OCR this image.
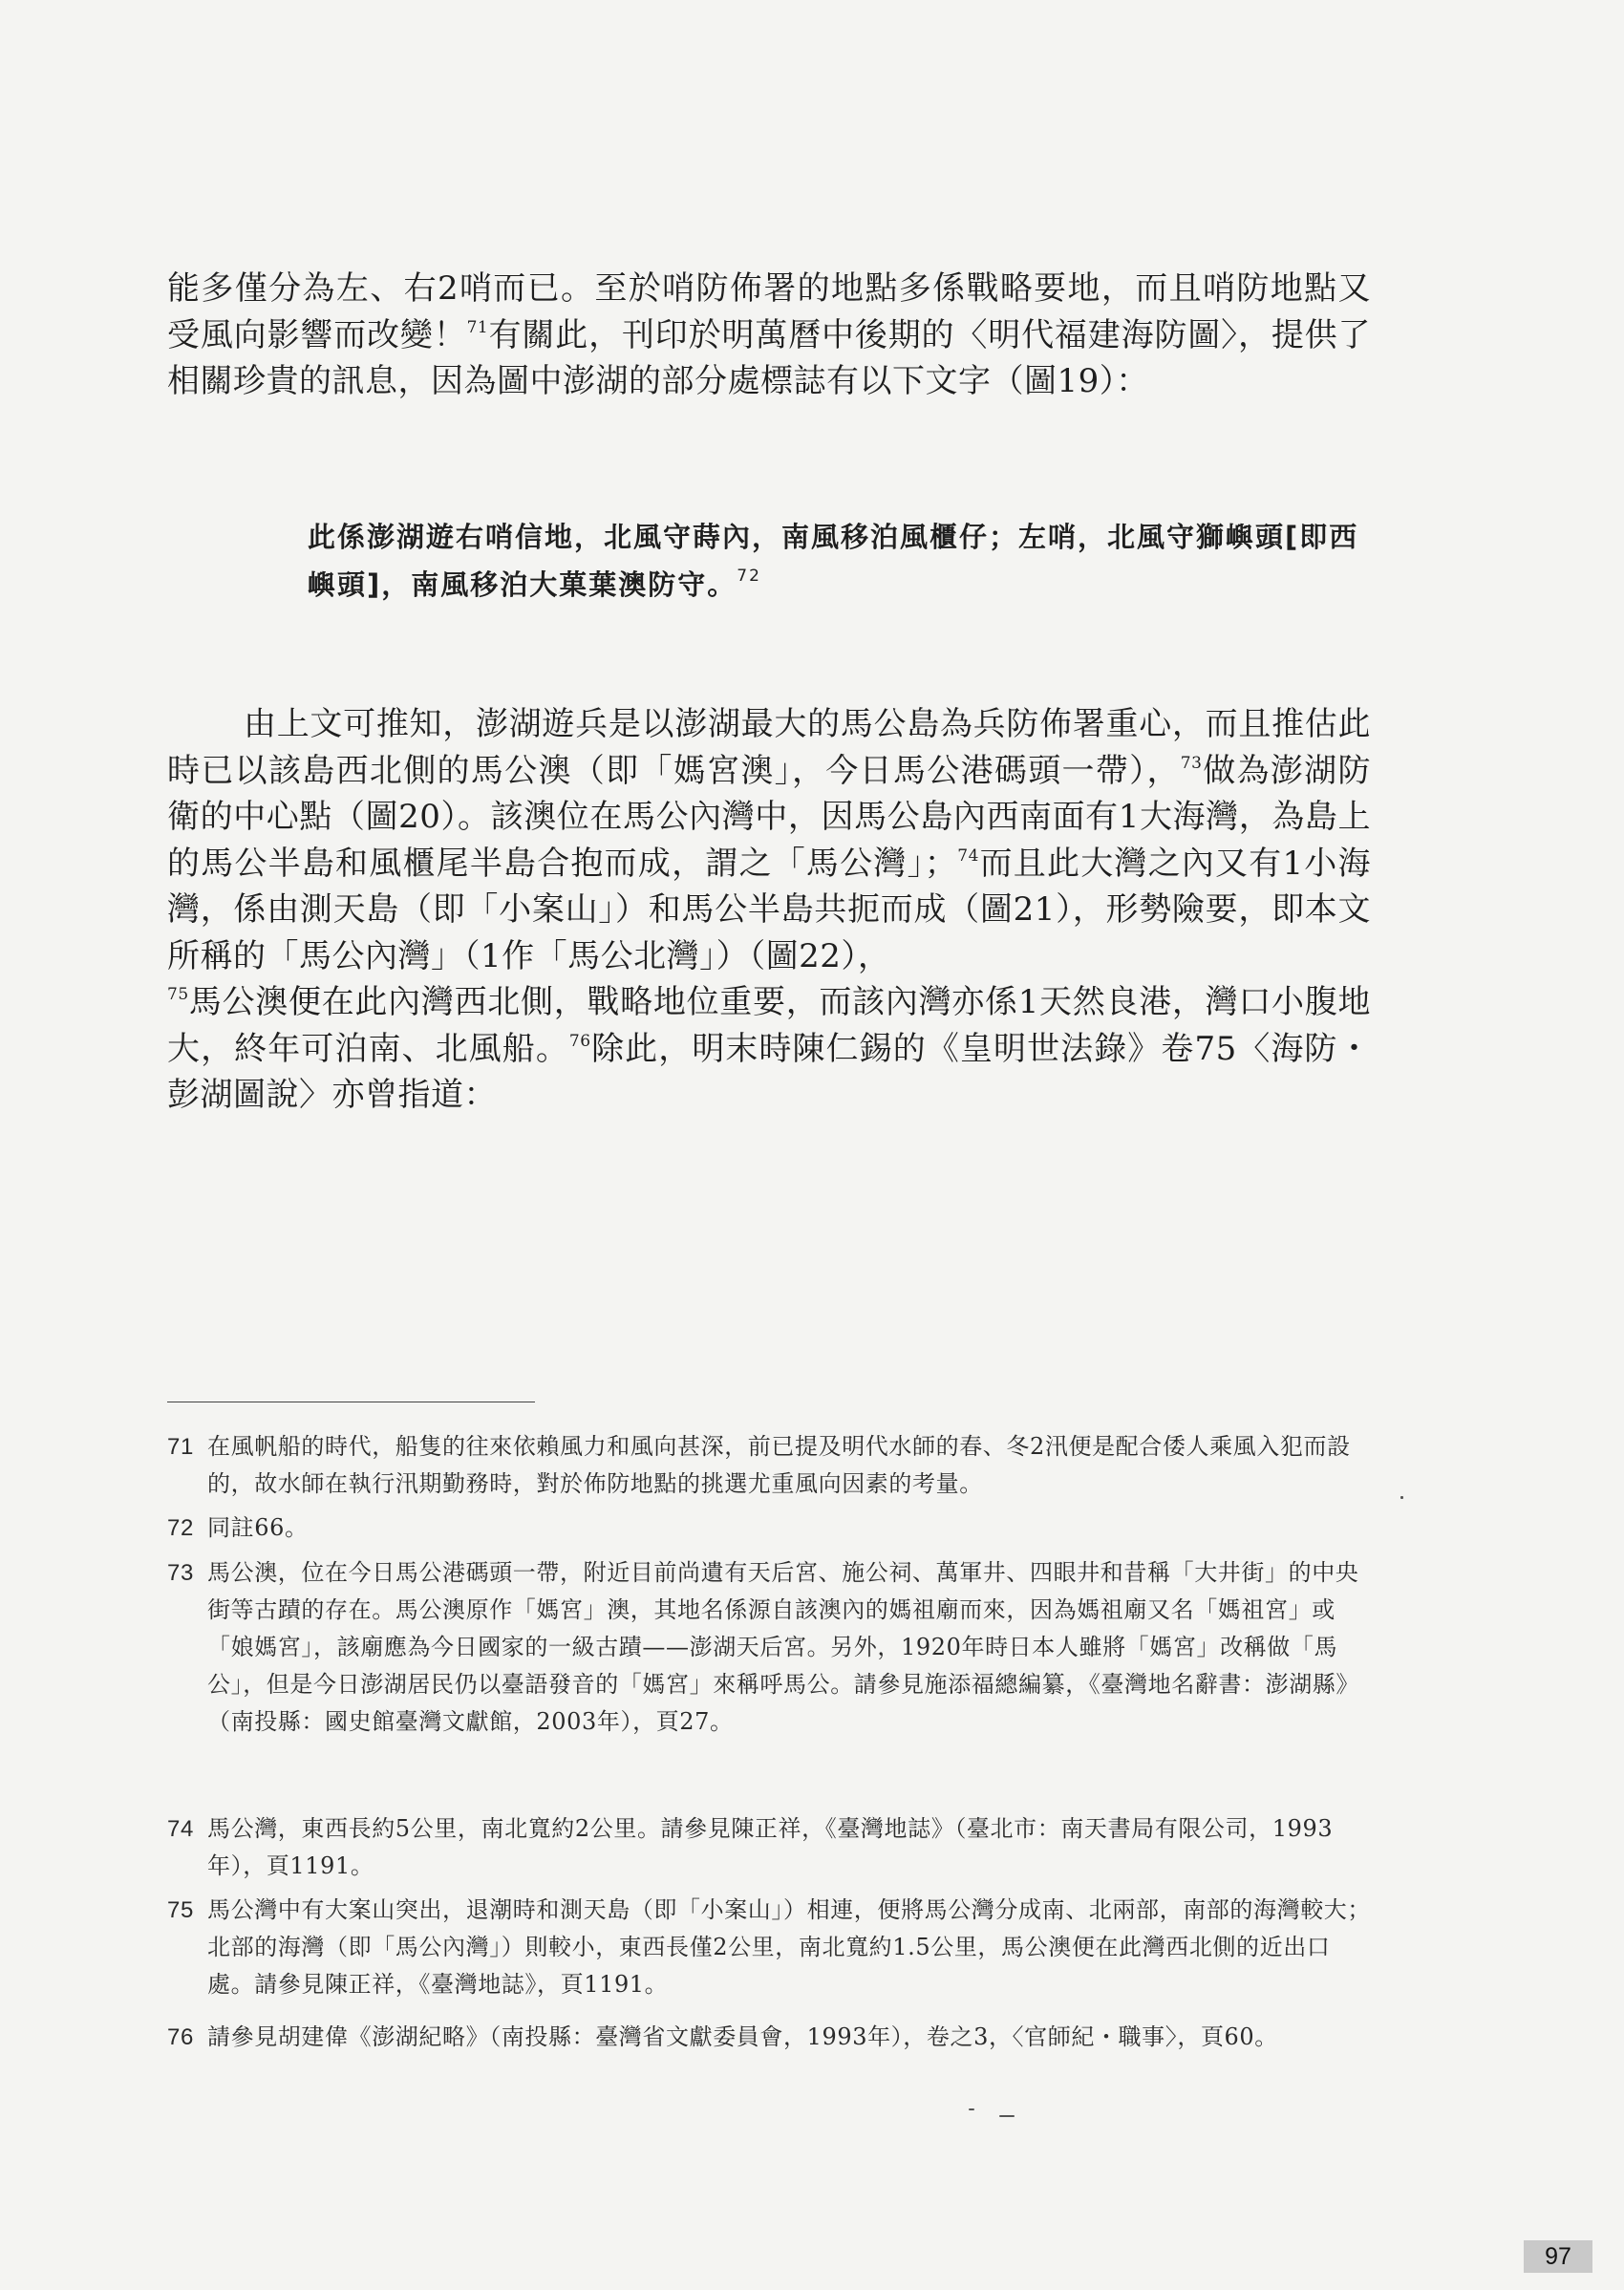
能多僅分為左、右2哨而已。至於哨防佈署的地點多係戰略要地，而且哨防地點又受風向影響而改變！$^{71}$有關此，刊印於明萬曆中後期的〈明代福建海防圖〉，提供了相關珍貴的訊息，因為圖中澎湖的部分處標誌有以下文字（圖19）：

此係澎湖遊右哨信地，北風守蒔內，南風移泊風櫃仔；左哨，北風守獅嶼頭[即西嶼頭]，南風移泊大菓葉澳防守。$^{72}$

由上文可推知，澎湖遊兵是以澎湖最大的馬公島為兵防佈署重心，而且推估此時已以該島西北側的馬公澳（即「媽宮澳」，今日馬公港碼頭一帶），$^{73}$做為澎湖防衛的中心點（圖20）。該澳位在馬公內灣中，因馬公島內西南面有1大海灣，為島上的馬公半島和風櫃尾半島合抱而成，謂之「馬公灣」；$^{74}$而且此大灣之內又有1小海灣，係由測天島（即「小案山」）和馬公半島共扼而成（圖21），形勢險要，即本文所稱的「馬公內灣」（1作「馬公北灣」）（圖22），
$^{75}$馬公澳便在此內灣西北側，戰略地位重要，而該內灣亦係1天然良港，灣口小腹地大，終年可泊南、北風船。$^{76}$除此，明末時陳仁錫的《皇明世法錄》卷75〈海防・彭湖圖說〉亦曾指道：

71 在風帆船的時代，船隻的往來依賴風力和風向甚深，前已提及明代水師的春、冬2汛便是配合倭人乘風入犯而設的，故水師在執行汛期勤務時，對於佈防地點的挑選尤重風向因素的考量。
72 同註66。
73 馬公澳，位在今日馬公港碼頭一帶，附近目前尚遺有天后宮、施公祠、萬軍井、四眼井和昔稱「大井街」的中央街等古蹟的存在。馬公澳原作「媽宮」澳，其地名係源自該澳內的媽祖廟而來，因為媽祖廟又名「媽祖宮」或「娘媽宮」，該廟應為今日國家的一級古蹟——澎湖天后宮。另外，1920年時日本人雖將「媽宮」改稱做「馬公」，但是今日澎湖居民仍以臺語發音的「媽宮」來稱呼馬公。請參見施添福總編纂，《臺灣地名辭書：澎湖縣》（南投縣：國史館臺灣文獻館，2003年），頁27。
74 馬公灣，東西長約5公里，南北寬約2公里。請參見陳正祥，《臺灣地誌》（臺北市：南天書局有限公司，1993年），頁1191。
75 馬公灣中有大案山突出，退潮時和測天島（即「小案山」）相連，便將馬公灣分成南、北兩部，南部的海灣較大；北部的海灣（即「馬公內灣」）則較小，東西長僅2公里，南北寬約1.5公里，馬公澳便在此灣西北側的近出口處。請參見陳正祥，《臺灣地誌》，頁1191。
76 請參見胡建偉《澎湖紀略》（南投縣：臺灣省文獻委員會，1993年），卷之3，〈官師紀・職事〉，頁60。
97
